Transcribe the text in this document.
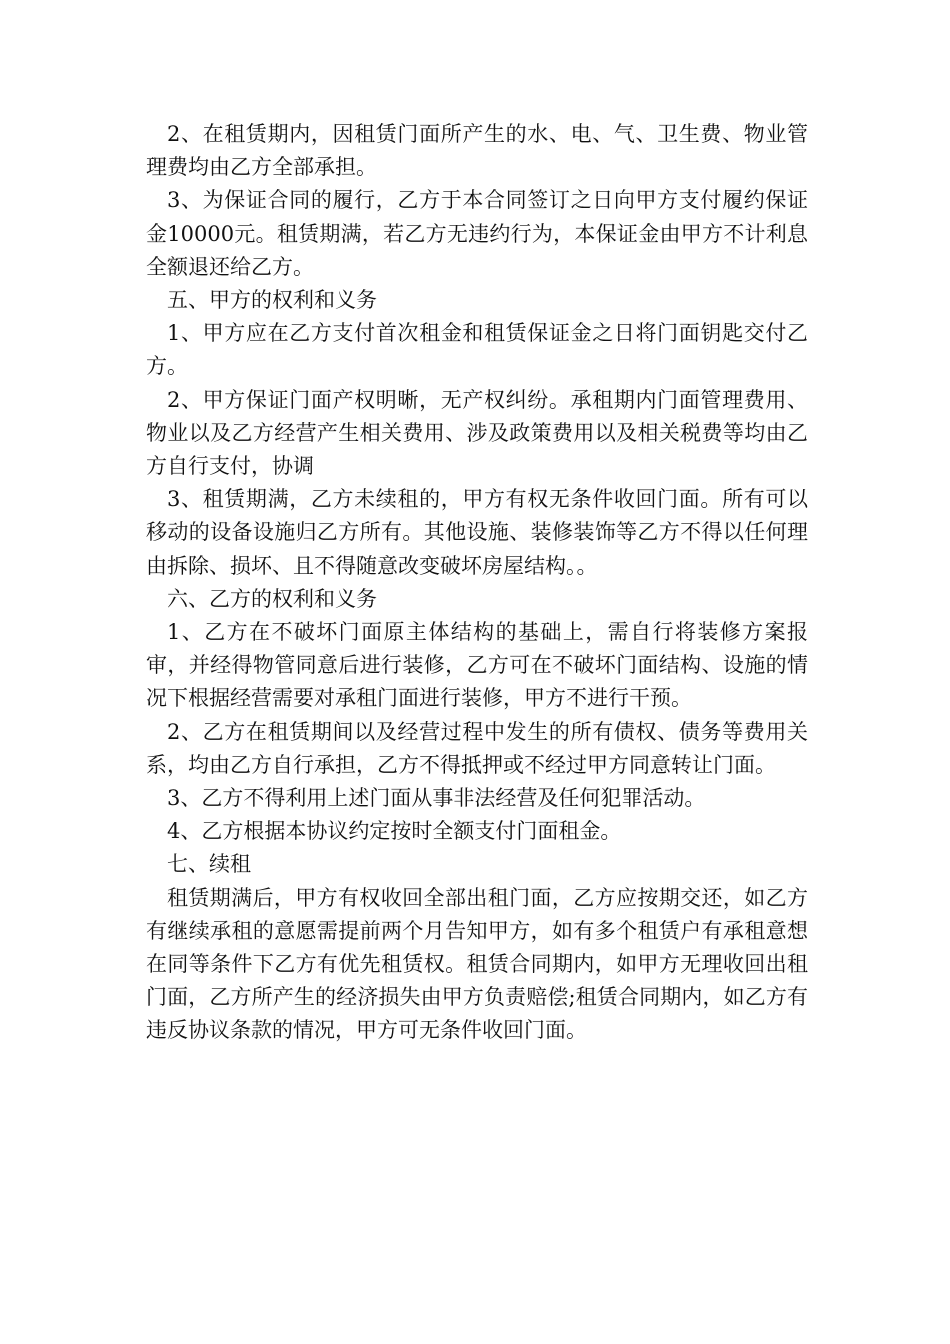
2、在租赁期内，因租赁门面所产生的水、电、气、卫生费、物业管理费均由乙方全部承担。

3、为保证合同的履行，乙方于本合同签订之日向甲方支付履约保证金10000元。租赁期满，若乙方无违约行为，本保证金由甲方不计利息全额退还给乙方。

五、甲方的权利和义务

1、甲方应在乙方支付首次租金和租赁保证金之日将门面钥匙交付乙方。

2、甲方保证门面产权明晰，无产权纠纷。承租期内门面管理费用、物业以及乙方经营产生相关费用、涉及政策费用以及相关税费等均由乙方自行支付，协调

3、租赁期满，乙方未续租的，甲方有权无条件收回门面。所有可以移动的设备设施归乙方所有。其他设施、装修装饰等乙方不得以任何理由拆除、损坏、且不得随意改变破坏房屋结构。。

六、乙方的权利和义务

1、乙方在不破坏门面原主体结构的基础上，需自行将装修方案报审，并经得物管同意后进行装修，乙方可在不破坏门面结构、设施的情况下根据经营需要对承租门面进行装修，甲方不进行干预。

2、乙方在租赁期间以及经营过程中发生的所有债权、债务等费用关系，均由乙方自行承担，乙方不得抵押或不经过甲方同意转让门面。

3、乙方不得利用上述门面从事非法经营及任何犯罪活动。

4、乙方根据本协议约定按时全额支付门面租金。

七、续租

租赁期满后，甲方有权收回全部出租门面，乙方应按期交还，如乙方有继续承租的意愿需提前两个月告知甲方，如有多个租赁户有承租意想在同等条件下乙方有优先租赁权。租赁合同期内，如甲方无理收回出租门面，乙方所产生的经济损失由甲方负责赔偿;租赁合同期内，如乙方有违反协议条款的情况，甲方可无条件收回门面。
